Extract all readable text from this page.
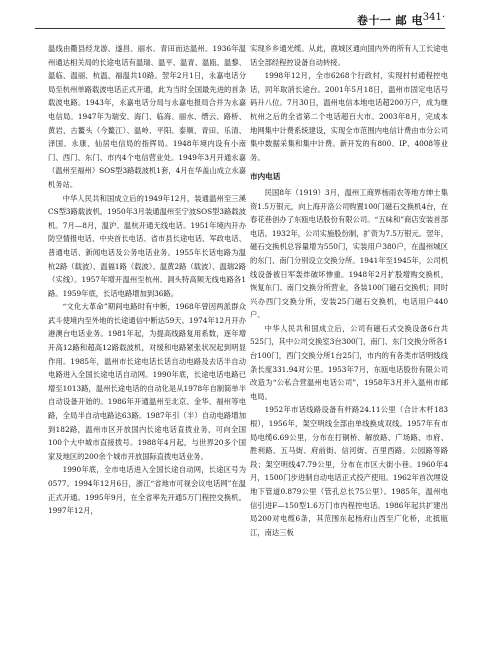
卷十一 邮 电
·341·

温线由衢县经龙游、遂昌、丽水、青田而达温州。1936年温州通达相关局的长途电话有温瑞、温平、温青、温瓯、温黎、温临、温丽、杭温、福温共10路。翌年2月1日，永嘉电话分局至杭州单路载波电话正式开通，此为当时全国最先进的首条载波电路。1943年，永嘉电话分局与永嘉电报局合并为永嘉电信局。1947年为瑞安、海门、临海、丽水、缙云、路桥、黄岩、古鳌头（今鳌江）、温岭、平阳、泰顺、青田、乐清、泽国、永康、仙居电信局的指挥局。1948年境内设有小南门、西门、东门、市内4个电信营业处。1949年3月开通永嘉（温州至福州）SOS型3路载波机1套，4月在华盖山成立永嘉机务站。

中华人民共和国成立后的1949年12月，装通温州至三溪CS型3路载波机。1950年3月装通温州至宁波SOS型3路载波机。7月—8月，温沪、温杭开通无线电话。1951年境内开办防空情报电话、中央首长电话、省市县长途电话、军政电话、普通电话、新闻电话及公务电话业务。1955年长话电路为温杭2路（载波）、温福1路（载波）、温黄2路（载波）、温瑞2路（实线）。1957年增开温州至杭州、洞头特高频无线电路各1路。1959年底，长话电路增加到36路。

“文化大革命”期间电路时有中断，1968年曾因两派群众武斗使境内至外地的长途通信中断达59天。1974年12月开办港澳台电话业务。1981年起，为提高线路复用系数，逐年增开高12路和超高12路载波机，对缓和电路紧张状况起到明显作用。1985年，温州市长途电话长话自动电路及去话半自动电路进入全国长途电话自动网。1990年底，长途电话电路已增至1013路，温州长途电话的自动化是从1978年自制简单半自动设备开始的。1986年开通温州至北京、金华、福州等电路，全局半自动电路达63路。1987年引（半）自动电路增加到182路，温州市区开放国内长途电话直拨业务，可向全国100个大中城市直接拨号。1988年4月起，与世界20多个国家及地区的200余个城市开放国际直拨电话业务。

1990年底，全市电话进入全国长途自动网，长途区号为0577。1994年12月6日，浙江“省地市可视会议电话网”在温正式开通。1995年9月，在全省率先开通5万门程控交换机。1997年12月，

实现乡乡通光缆。从此，鹿城区通向国内外的所有人工长途电话全部经程控设备自动转接。

1998年12月，全市6268个行政村，实现村村通程控电话，同年取消长途台。2001年5月18日，温州市固定电话号码升八位。7月30日，温州电信本地电话超200万户，成为继杭州之后的全省第二个电话超百大市。2003年8月，完成本地网集中计费系统建设，实现全市范围内电信计费由市分公司集中数据采集和集中计费。新开发的有800、IP、4008等业务。

市内电话

民国8年（1919）3月，温州工商界杨雨农等地方绅士集资1.5万银元，向上海开洛公司购置100门磁石交换机4台，在春花巷创办了东瓯电话股份有限公司。“五味和”商店安装首部电话。1932年，公司实施股份制，扩资为7.5万银元。翌年，磁石交换机总容量增为550门，实装用户380户，在温州城区的东门、南门分别设立交换分所。1941年至1945年，公司机线设备被日军轰炸破坏惨重。1948年2月扩股增购交换机，恢复东门、南门交换分所营业，各装100门磁石交换机；同时兴办西门交换分所，安装25门磁石交换机，电话用户440户。

中华人民共和国成立后，公司有磁石式交换设备6台共525门，其中公司交换室3台300门，南门、东门交换分所各1台100门，西门交换分所1台25门，市内的有各类市话明线线条长度331.94对公里。1953年7月，东瓯电话股份有限公司改造为“公私合营温州电话公司”，1958年3月并入温州市邮电局。

1952年市话线路设备有杆路24.11公里（合计木杆183根），1956年，架空明线全部由单线换成双线。1957年有市局电缆6.69公里，分布在打铜桥、解放路、广场路、市府、胜利路、五马街、府前街、信河街、百里西路、公园路等路段；架空明线47.79公里，分布在市区大街小巷。1960年4月，1500门步进制自动电话正式投产使用。1962年首次埋设地下管道0.879公里（管孔总长75公里）。1985年，温州电信引进F—150型1.6万门市内程控电话。1986年起共扩建出局200对电缆6条，其范围东起杨府山西至广化桥，北抵瓯江，南达三板
